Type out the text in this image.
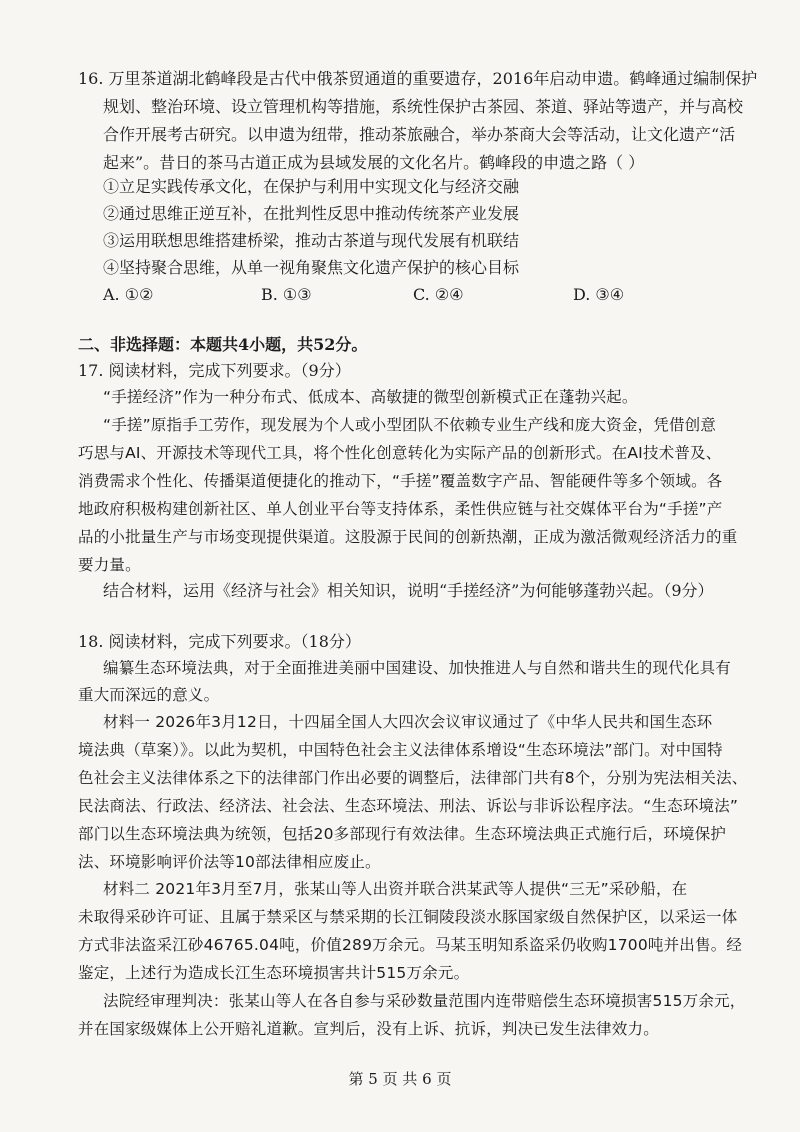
16. 万里茶道湖北鹤峰段是古代中俄茶贸通道的重要遗存，2016年启动申遗。鹤峰通过编制保护
规划、整治环境、设立管理机构等措施，系统性保护古茶园、茶道、驿站等遗产，并与高校
合作开展考古研究。以申遗为纽带，推动茶旅融合，举办茶商大会等活动，让文化遗产“活
起来”。昔日的茶马古道正成为县域发展的文化名片。鹤峰段的申遗之路（ ）
①立足实践传承文化，在保护与利用中实现文化与经济交融
②通过思维正逆互补，在批判性反思中推动传统茶产业发展
③运用联想思维搭建桥梁，推动古茶道与现代发展有机联结
④坚持聚合思维，从单一视角聚焦文化遗产保护的核心目标
A. ①②	B. ①③	C. ②④	D. ③④
二、非选择题：本题共4小题，共52分。
17. 阅读材料，完成下列要求。（9分）
“手搓经济”作为一种分布式、低成本、高敏捷的微型创新模式正在蓬勃兴起。
“手搓”原指手工劳作，现发展为个人或小型团队不依赖专业生产线和庞大资金，凭借创意
巧思与AI、开源技术等现代工具，将个性化创意转化为实际产品的创新形式。在AI技术普及、
消费需求个性化、传播渠道便捷化的推动下，“手搓”覆盖数字产品、智能硬件等多个领域。各
地政府积极构建创新社区、单人创业平台等支持体系，柔性供应链与社交媒体平台为“手搓”产
品的小批量生产与市场变现提供渠道。这股源于民间的创新热潮，正成为激活微观经济活力的重
要力量。
结合材料，运用《经济与社会》相关知识，说明“手搓经济”为何能够蓬勃兴起。（9分）
18. 阅读材料，完成下列要求。（18分）
编纂生态环境法典，对于全面推进美丽中国建设、加快推进人与自然和谐共生的现代化具有
重大而深远的意义。
材料一 2026年3月12日，十四届全国人大四次会议审议通过了《中华人民共和国生态环
境法典（草案）》。以此为契机，中国特色社会主义法律体系增设“生态环境法”部门。对中国特
色社会主义法律体系之下的法律部门作出必要的调整后，法律部门共有8个，分别为宪法相关法、
民法商法、行政法、经济法、社会法、生态环境法、刑法、诉讼与非诉讼程序法。“生态环境法”
部门以生态环境法典为统领，包括20多部现行有效法律。生态环境法典正式施行后，环境保护
法、环境影响评价法等10部法律相应废止。
材料二 2021年3月至7月，张某山等人出资并联合洪某武等人提供“三无”采砂船，在
未取得采砂许可证、且属于禁采区与禁采期的长江铜陵段淡水豚国家级自然保护区，以采运一体
方式非法盗采江砂46765.04吨，价值289万余元。马某玉明知系盗采仍收购1700吨并出售。经
鉴定，上述行为造成长江生态环境损害共计515万余元。
法院经审理判决：张某山等人在各自参与采砂数量范围内连带赔偿生态环境损害515万余元，
并在国家级媒体上公开赔礼道歉。宣判后，没有上诉、抗诉，判决已发生法律效力。
第 5 页 共 6 页
